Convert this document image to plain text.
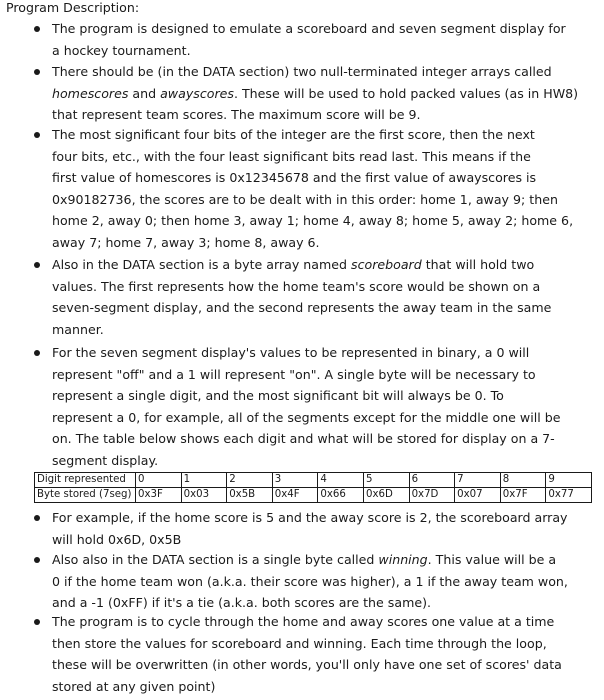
Program Description:
The program is designed to emulate a scoreboard and seven segment display for
a hockey tournament.
There should be (in the DATA section) two null-terminated integer arrays called
homescores and awayscores. These will be used to hold packed values (as in HW8)
that represent team scores. The maximum score will be 9.
The most significant four bits of the integer are the first score, then the next
four bits, etc., with the four least significant bits read last. This means if the
first value of homescores is 0x12345678 and the first value of awayscores is
0x90182736, the scores are to be dealt with in this order: home 1, away 9; then
home 2, away 0; then home 3, away 1; home 4, away 8; home 5, away 2; home 6,
away 7; home 7, away 3; home 8, away 6.
Also in the DATA section is a byte array named scoreboard that will hold two
values. The first represents how the home team's score would be shown on a
seven-segment display, and the second represents the away team in the same
manner.
For the seven segment display's values to be represented in binary, a 0 will
represent "off" and a 1 will represent "on". A single byte will be necessary to
represent a single digit, and the most significant bit will always be 0. To
represent a 0, for example, all of the segments except for the middle one will be
on. The table below shows each digit and what will be stored for display on a 7-
segment display.
For example, if the home score is 5 and the away score is 2, the scoreboard array
will hold 0x6D, 0x5B
Also also in the DATA section is a single byte called winning. This value will be a
0 if the home team won (a.k.a. their score was higher), a 1 if the away team won,
and a -1 (0xFF) if it's a tie (a.k.a. both scores are the same).
The program is to cycle through the home and away scores one value at a time
then store the values for scoreboard and winning. Each time through the loop,
these will be overwritten (in other words, you'll only have one set of scores' data
stored at any given point)
Digit represented	0	1	2	3	4	5	6	7	8	9
Byte stored (7seg)	0x3F	0x03	0x5B	0x4F	0x66	0x6D	0x7D	0x07	0x7F	0x77
